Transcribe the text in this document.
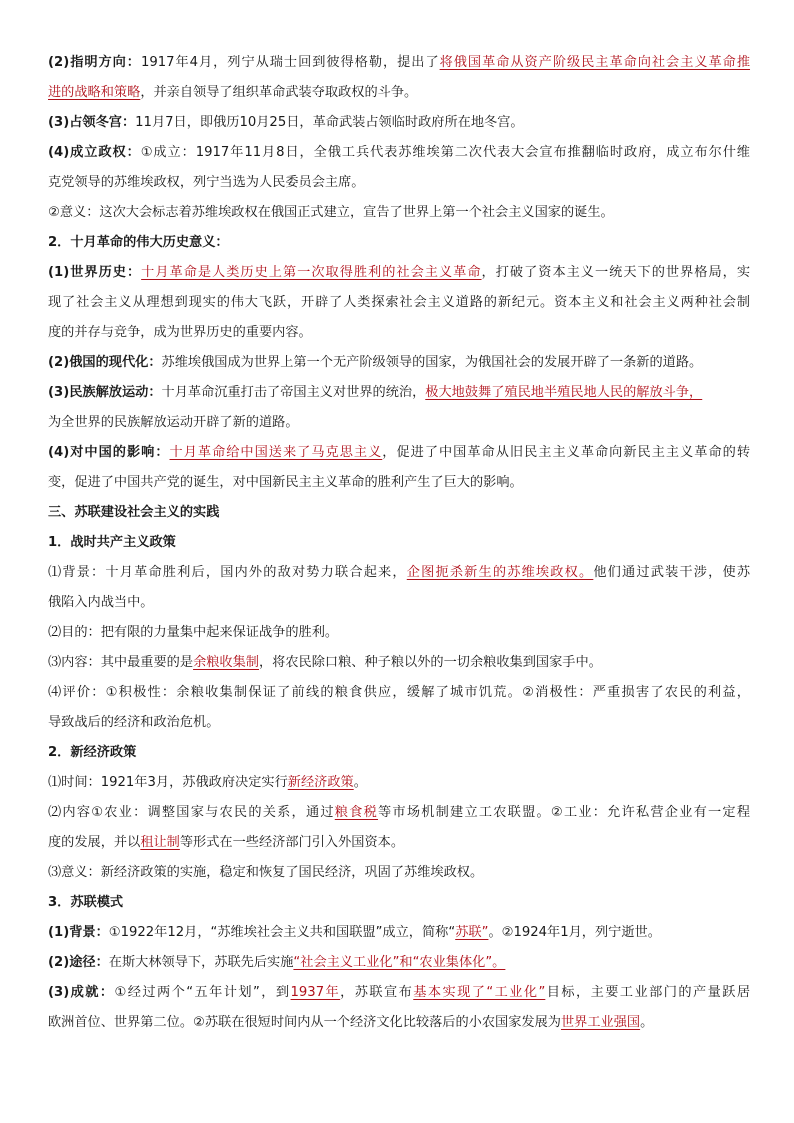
(2)指明方向：1917年4月，列宁从瑞士回到彼得格勒，提出了将俄国革命从资产阶级民主革命向社会主义革命推
进的战略和策略，并亲自领导了组织革命武装夺取政权的斗争。
(3)占领冬宫：11月7日，即俄历10月25日，革命武装占领临时政府所在地冬宫。
(4)成立政权：①成立：1917年11月8日，全俄工兵代表苏维埃第二次代表大会宣布推翻临时政府，成立布尔什维
克党领导的苏维埃政权，列宁当选为人民委员会主席。
②意义：这次大会标志着苏维埃政权在俄国正式建立，宣告了世界上第一个社会主义国家的诞生。
2．十月革命的伟大历史意义：
(1)世界历史：十月革命是人类历史上第一次取得胜利的社会主义革命，打破了资本主义一统天下的世界格局，实
现了社会主义从理想到现实的伟大飞跃，开辟了人类探索社会主义道路的新纪元。资本主义和社会主义两种社会制
度的并存与竞争，成为世界历史的重要内容。
(2)俄国的现代化：苏维埃俄国成为世界上第一个无产阶级领导的国家，为俄国社会的发展开辟了一条新的道路。
(3)民族解放运动：十月革命沉重打击了帝国主义对世界的统治，极大地鼓舞了殖民地半殖民地人民的解放斗争，
为全世界的民族解放运动开辟了新的道路。
(4)对中国的影响：十月革命给中国送来了马克思主义，促进了中国革命从旧民主主义革命向新民主主义革命的转
变，促进了中国共产党的诞生，对中国新民主主义革命的胜利产生了巨大的影响。
三、苏联建设社会主义的实践
1．战时共产主义政策
⑴背景：十月革命胜利后，国内外的敌对势力联合起来，企图扼杀新生的苏维埃政权。他们通过武装干涉，使苏
俄陷入内战当中。
⑵目的：把有限的力量集中起来保证战争的胜利。
⑶内容：其中最重要的是余粮收集制，将农民除口粮、种子粮以外的一切余粮收集到国家手中。
⑷评价：①积极性：余粮收集制保证了前线的粮食供应，缓解了城市饥荒。②消极性：严重损害了农民的利益，
导致战后的经济和政治危机。
2．新经济政策
⑴时间：1921年3月，苏俄政府决定实行新经济政策。
⑵内容①农业：调整国家与农民的关系，通过粮食税等市场机制建立工农联盟。②工业：允许私营企业有一定程
度的发展，并以租让制等形式在一些经济部门引入外国资本。
⑶意义：新经济政策的实施，稳定和恢复了国民经济，巩固了苏维埃政权。
3．苏联模式
(1)背景：①1922年12月，“苏维埃社会主义共和国联盟”成立，简称“苏联”。②1924年1月，列宁逝世。
(2)途径：在斯大林领导下，苏联先后实施“社会主义工业化”和“农业集体化”。
(3)成就：①经过两个“五年计划”，到1937年，苏联宣布基本实现了“工业化”目标，主要工业部门的产量跃居
欧洲首位、世界第二位。②苏联在很短时间内从一个经济文化比较落后的小农国家发展为世界工业强国。
